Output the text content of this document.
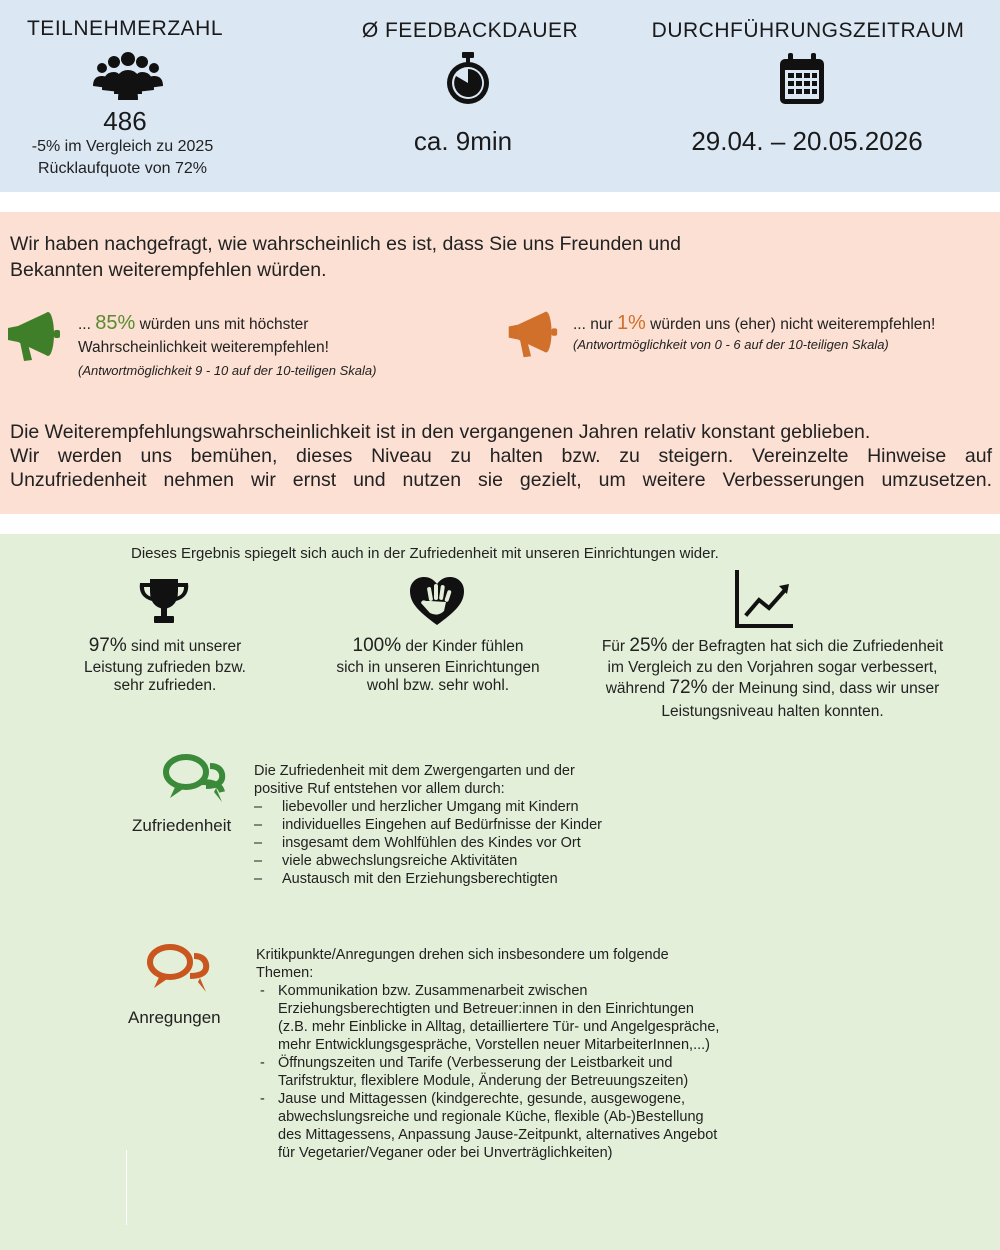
TEILNEHMERZAHL
486
-5% im Vergleich zu 2025
Rücklaufquote von 72%
Ø FEEDBACKDAUER
ca. 9min
DURCHFÜHRUNGSZEITRAUM
29.04. – 20.05.2026
Wir haben nachgefragt, wie wahrscheinlich es ist, dass Sie uns Freunden und
Bekannten weiterempfehlen würden.
... 85% würden uns mit höchster
Wahrscheinlichkeit weiterempfehlen!
(Antwortmöglichkeit 9 - 10 auf der 10-teiligen Skala)
... nur 1% würden uns (eher) nicht weiterempfehlen!
(Antwortmöglichkeit von 0 - 6 auf der 10-teiligen Skala)
Die Weiterempfehlungswahrscheinlichkeit ist in den vergangenen Jahren relativ konstant geblieben.
Wir werden uns bemühen, dieses Niveau zu halten bzw. zu steigern. Vereinzelte Hinweise auf
Unzufriedenheit nehmen wir ernst und nutzen sie gezielt, um weitere Verbesserungen umzusetzen.
Dieses Ergebnis spiegelt sich auch in der Zufriedenheit mit unseren Einrichtungen wider.
97% sind mit unserer
Leistung zufrieden bzw.
sehr zufrieden.
100% der Kinder fühlen
sich in unseren Einrichtungen
wohl bzw. sehr wohl.
Für 25% der Befragten hat sich die Zufriedenheit
im Vergleich zu den Vorjahren sogar verbessert,
während 72% der Meinung sind, dass wir unser
Leistungsniveau halten konnten.
Zufriedenheit
Die Zufriedenheit mit dem Zwergengarten und der
positive Ruf entstehen vor allem durch:
– liebevoller und herzlicher Umgang mit Kindern
– individuelles Eingehen auf Bedürfnisse der Kinder
– insgesamt dem Wohlfühlen des Kindes vor Ort
– viele abwechslungsreiche Aktivitäten
– Austausch mit den Erziehungsberechtigten
Anregungen
Kritikpunkte/Anregungen drehen sich insbesondere um folgende
Themen:
- Kommunikation bzw. Zusammenarbeit zwischen Erziehungsberechtigten und Betreuer:innen in den Einrichtungen (z.B. mehr Einblicke in Alltag, detailliertere Tür- und Angelgespräche, mehr Entwicklungsgespräche, Vorstellen neuer MitarbeiterInnen,...)
- Öffnungszeiten und Tarife (Verbesserung der Leistbarkeit und Tarifstruktur, flexiblere Module, Änderung der Betreuungszeiten)
- Jause und Mittagessen (kindgerechte, gesunde, ausgewogene, abwechslungsreiche und regionale Küche, flexible (Ab-)Bestellung des Mittagessens, Anpassung Jause-Zeitpunkt, alternatives Angebot für Vegetarier/Veganer oder bei Unverträglichkeiten)
